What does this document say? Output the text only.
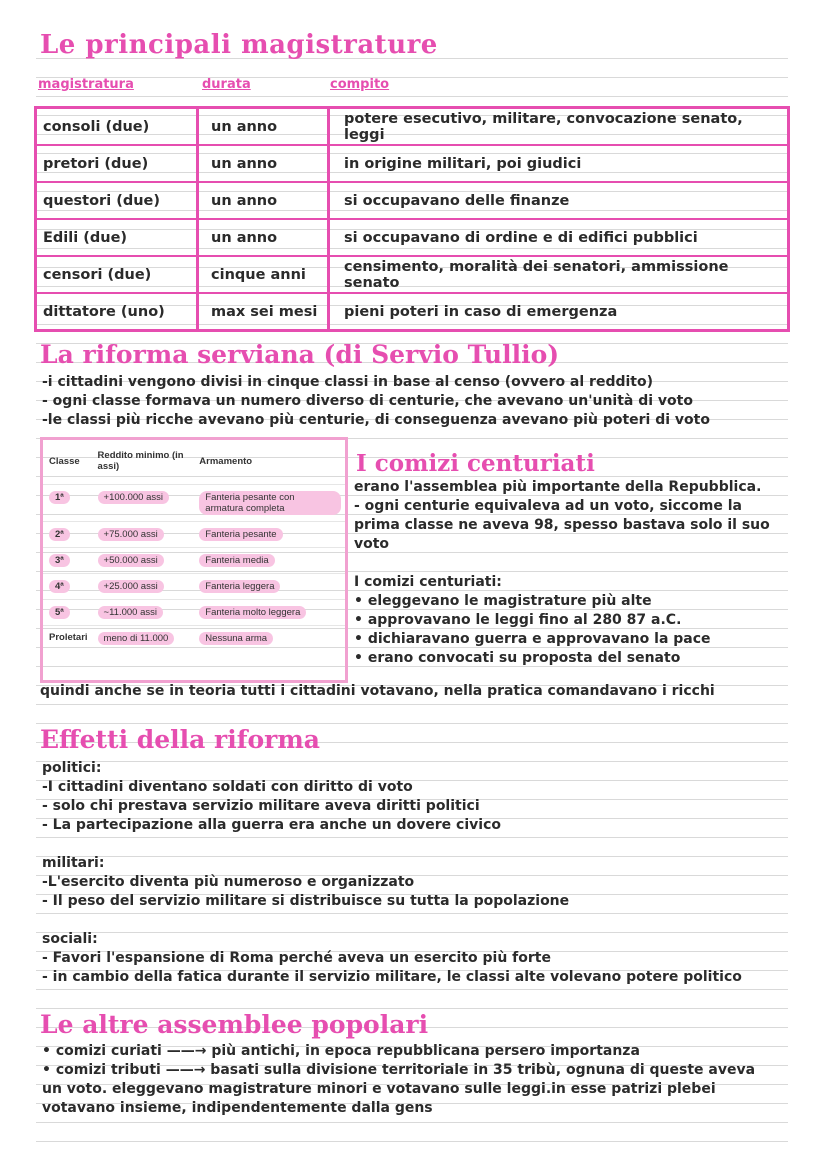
Le principali magistrature
magistratura	durata	compito
consoli (due)	un anno	potere esecutivo, militare, convocazione senato, leggi
pretori (due)	un anno	in origine militari, poi giudici
questori (due)	un anno	si occupavano delle finanze
Edili (due)	un anno	si occupavano di ordine e di edifici pubblici
censori (due)	cinque anni	censimento, moralità dei senatori, ammissione senato
dittatore (uno)	max sei mesi	pieni poteri in caso di emergenza
La riforma serviana (di Servio Tullio)
-i cittadini vengono divisi in cinque classi in base al censo (ovvero al reddito)
- ogni classe formava un numero diverso di centurie, che avevano un'unità di voto
-le classi più ricche avevano più centurie, di conseguenza avevano più poteri di voto
Classe	Reddito minimo (in assi)	Armamento
1ª	+100.000 assi	Fanteria pesante con armatura completa
2ª	+75.000 assi	Fanteria pesante
3ª	+50.000 assi	Fanteria media
4ª	+25.000 assi	Fanteria leggera
5ª	~11.000 assi	Fanteria molto leggera
Proletari	meno di 11.000	Nessuna arma
I comizi centuriati
erano l'assemblea più importante della Repubblica.
- ogni centurie equivaleva ad un voto, siccome la
prima classe ne aveva 98, spesso bastava solo il suo
voto
I comizi centuriati:
• eleggevano le magistrature più alte
• approvavano le leggi fino al 280 87 a.C.
• dichiaravano guerra e approvavano la pace
• erano convocati su proposta del senato
quindi anche se in teoria tutti i cittadini votavano, nella pratica comandavano i ricchi
Effetti della riforma
politici:
-I cittadini diventano soldati con diritto di voto
- solo chi prestava servizio militare aveva diritti politici
- La partecipazione alla guerra era anche un dovere civico
militari:
-L'esercito diventa più numeroso e organizzato
- Il peso del servizio militare si distribuisce su tutta la popolazione
sociali:
- Favori l'espansione di Roma perché aveva un esercito più forte
- in cambio della fatica durante il servizio militare, le classi alte volevano potere politico
Le altre assemblee popolari
• comizi curiati ——→ più antichi, in epoca repubblicana persero importanza
• comizi tributi ——→ basati sulla divisione territoriale in 35 tribù, ognuna di queste aveva
un voto. eleggevano magistrature minori e votavano sulle leggi.in esse patrizi plebei
votavano insieme, indipendentemente dalla gens
